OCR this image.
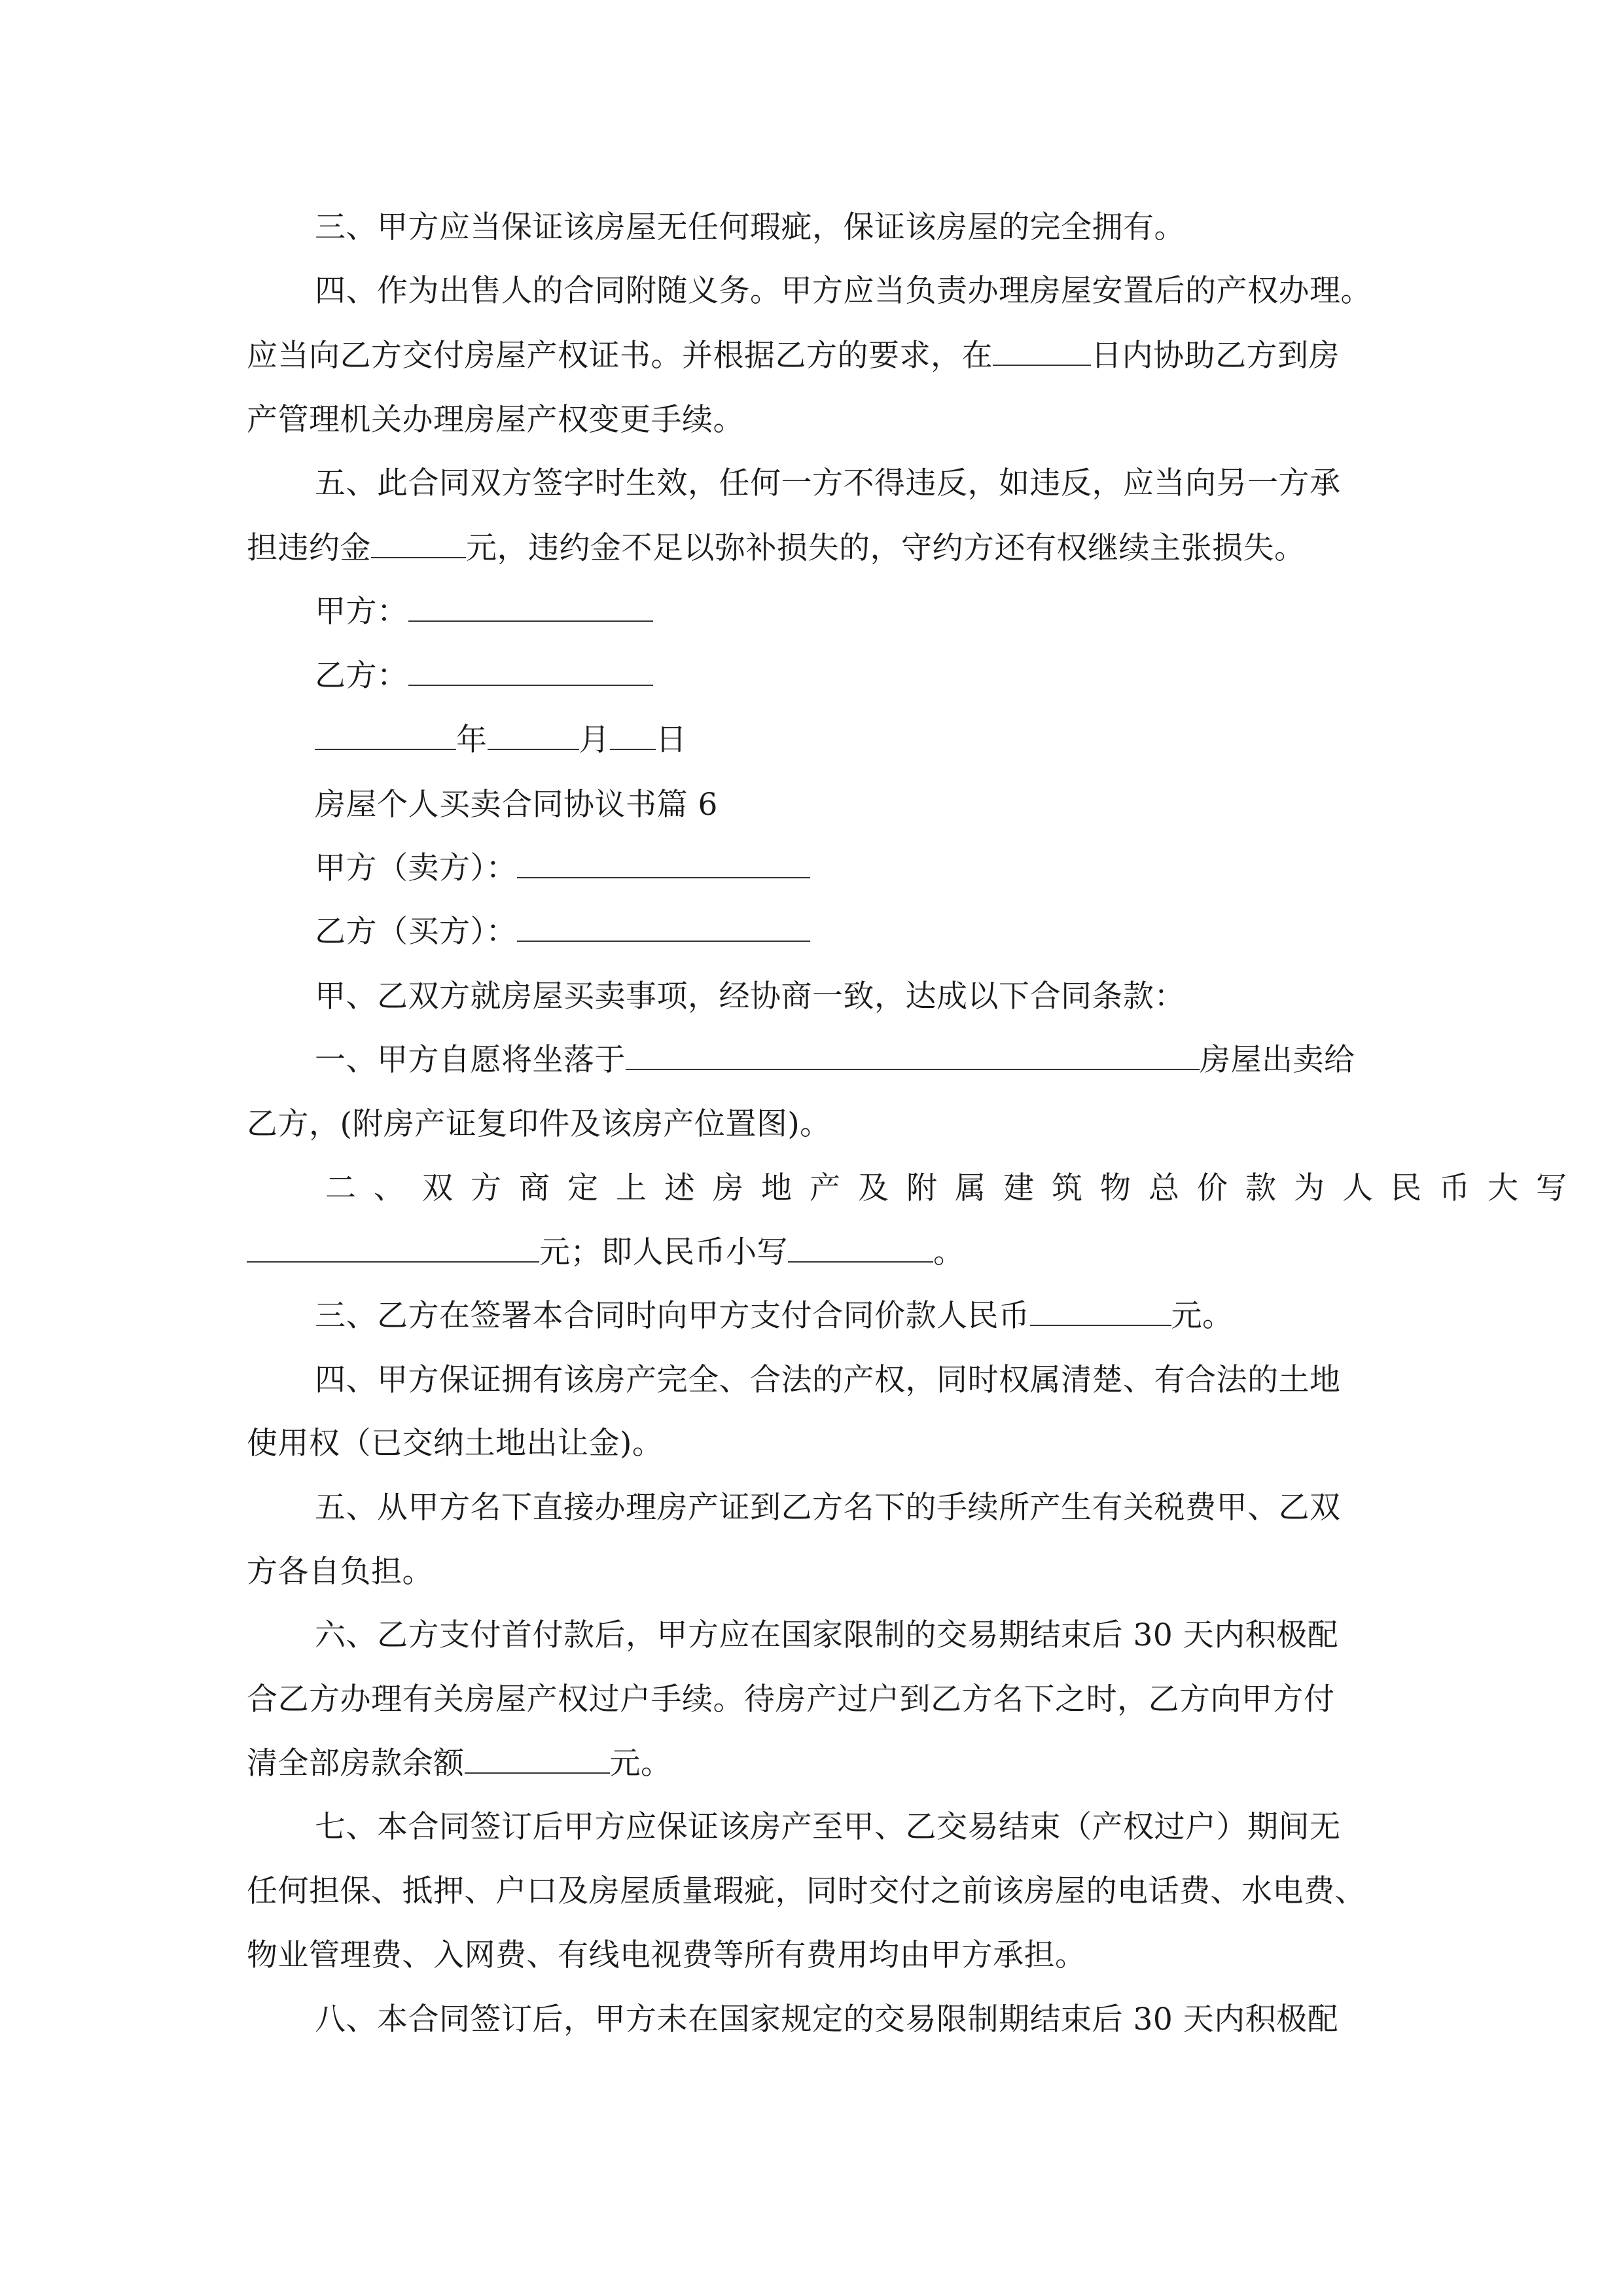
三、甲方应当保证该房屋无任何瑕疵，保证该房屋的完全拥有。
四、作为出售人的合同附随义务。甲方应当负责办理房屋安置后的产权办理。
应当向乙方交付房屋产权证书。并根据乙方的要求，在	日内协助乙方到房
产管理机关办理房屋产权变更手续。
五、此合同双方签字时生效，任何一方不得违反，如违反，应当向另一方承
担违约金	元，违约金不足以弥补损失的，守约方还有权继续主张损失。
甲方：
乙方：
年	月 日
房屋个人买卖合同协议书篇 6
甲方（卖方）：
乙方（买方）：
甲、乙双方就房屋买卖事项，经协商一致，达成以下合同条款：
一、甲方自愿将坐落于	房屋出卖给
乙方，(附房产证复印件及该房产位置图)。
二、双方商定上述房地产及附属建筑物总价款为人民币大写
元；即人民币小写	。
三、乙方在签署本合同时向甲方支付合同价款人民币	元。
四、甲方保证拥有该房产完全、合法的产权，同时权属清楚、有合法的土地
使用权（已交纳土地出让金)。
五、从甲方名下直接办理房产证到乙方名下的手续所产生有关税费甲、乙双
方各自负担。
六、乙方支付首付款后，甲方应在国家限制的交易期结束后 30 天内积极配
合乙方办理有关房屋产权过户手续。待房产过户到乙方名下之时，乙方向甲方付
清全部房款余额	元。
七、本合同签订后甲方应保证该房产至甲、乙交易结束（产权过户）期间无
任何担保、抵押、户口及房屋质量瑕疵，同时交付之前该房屋的电话费、水电费、
物业管理费、入网费、有线电视费等所有费用均由甲方承担。
八、本合同签订后，甲方未在国家规定的交易限制期结束后 30 天内积极配
